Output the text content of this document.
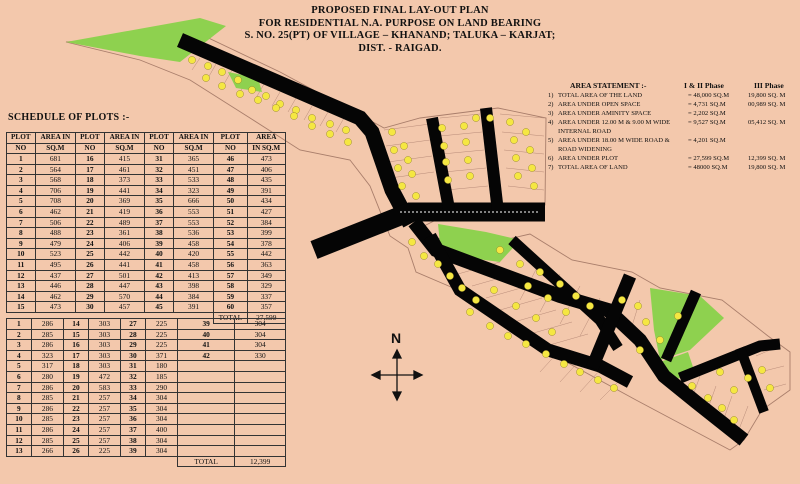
PROPOSED FINAL LAY-OUT PLAN
FOR RESIDENTIAL N.A. PURPOSE ON LAND BEARING
S. NO. 25(PT) OF VILLAGE – KHANAND; TALUKA – KARJAT;
DIST. - RAIGAD.
SCHEDULE OF PLOTS :-
PLOT	AREA IN	PLOT	AREA IN	PLOT	AREA IN	PLOT	AREA
NO	SQ.M	NO	SQ.M	NO	SQ.M	NO	IN SQ.M
1	681	16	415	31	365	46	473
2	564	17	461	32	451	47	406
3	568	18	373	33	533	48	435
4	706	19	441	34	323	49	391
5	708	20	369	35	666	50	434
6	462	21	419	36	553	51	427
7	506	22	489	37	553	52	384
8	488	23	361	38	536	53	399
9	479	24	406	39	458	54	378
10	523	25	442	40	420	55	442
11	495	26	441	41	458	56	363
12	437	27	501	42	413	57	349
13	446	28	447	43	398	58	329
14	462	29	570	44	384	59	337
15	473	30	457	45	391	60	357
						TOTAL	27,599
1	286	14	303	27	225	39	304
2	285	15	303	28	225	40	304
3	286	16	303	29	225	41	304
4	323	17	303	30	371	42	330
5	317	18	303	31	180		
6	280	19	472	32	185		
7	286	20	583	33	290		
8	285	21	257	34	304		
9	286	22	257	35	304		
10	285	23	257	36	304		
11	286	24	257	37	400		
12	285	25	257	38	304		
13	266	26	225	39	304		
						TOTAL	12,399
AREA STATEMENT :-	I & II Phase	III Phase
1) TOTAL AREA OF THE LAND	= 48,000 SQ.M	19,800 SQ. M
2) AREA UNDER OPEN SPACE	= 4,731 SQ.M	00,989 SQ. M
3) AREA UNDER AMINITY SPACE	= 2,202 SQ.M
4) AREA UNDER 12.00 M & 9.00 M WIDE INTERNAL ROAD
= 9,527 SQ.M	05,412 SQ. M
5) AREA UNDER 18.00 M WIDE ROAD & ROAD WIDENING
= 4,201 SQ.M
6) AREA UNDER PLOT	= 27,599 SQ.M	12,399 SQ. M
7) TOTAL AREA OF LAND	= 48000 SQ.M	19,800 SQ. M
N
